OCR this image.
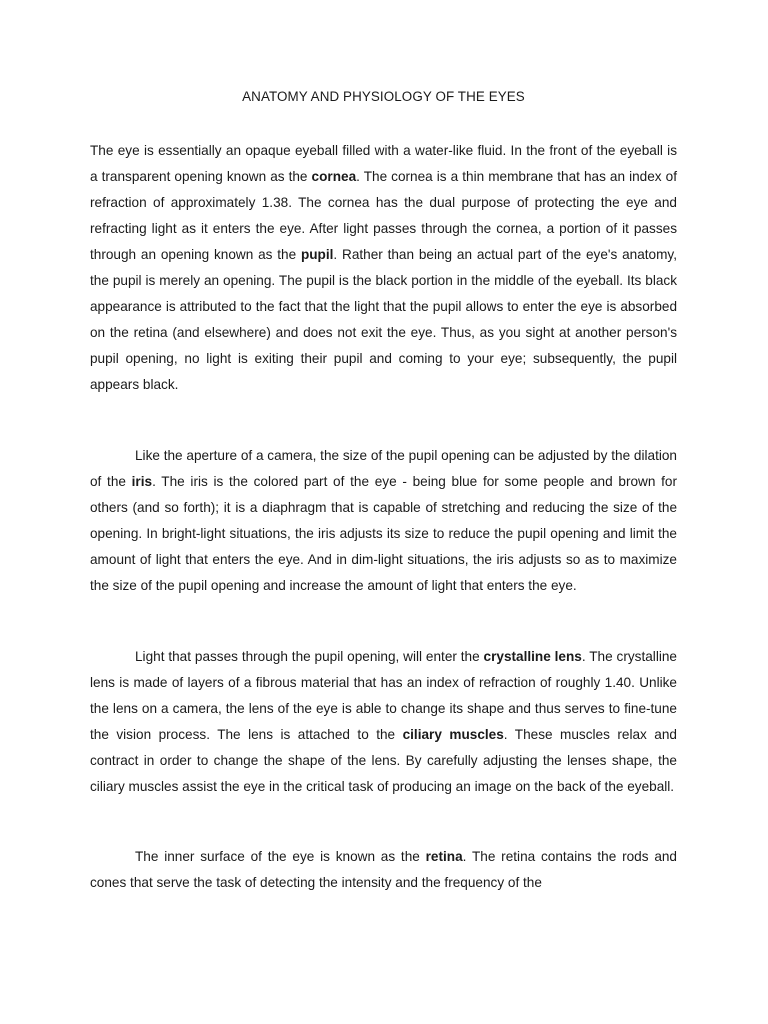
ANATOMY AND PHYSIOLOGY OF THE EYES

The eye is essentially an opaque eyeball filled with a water-like fluid. In the front of the eyeball is a transparent opening known as the cornea. The cornea is a thin membrane that has an index of refraction of approximately 1.38. The cornea has the dual purpose of protecting the eye and refracting light as it enters the eye. After light passes through the cornea, a portion of it passes through an opening known as the pupil. Rather than being an actual part of the eye's anatomy, the pupil is merely an opening. The pupil is the black portion in the middle of the eyeball. Its black appearance is attributed to the fact that the light that the pupil allows to enter the eye is absorbed on the retina (and elsewhere) and does not exit the eye. Thus, as you sight at another person's pupil opening, no light is exiting their pupil and coming to your eye; subsequently, the pupil appears black.

Like the aperture of a camera, the size of the pupil opening can be adjusted by the dilation of the iris. The iris is the colored part of the eye - being blue for some people and brown for others (and so forth); it is a diaphragm that is capable of stretching and reducing the size of the opening. In bright-light situations, the iris adjusts its size to reduce the pupil opening and limit the amount of light that enters the eye. And in dim-light situations, the iris adjusts so as to maximize the size of the pupil opening and increase the amount of light that enters the eye.

Light that passes through the pupil opening, will enter the crystalline lens. The crystalline lens is made of layers of a fibrous material that has an index of refraction of roughly 1.40. Unlike the lens on a camera, the lens of the eye is able to change its shape and thus serves to fine-tune the vision process. The lens is attached to the ciliary muscles. These muscles relax and contract in order to change the shape of the lens. By carefully adjusting the lenses shape, the ciliary muscles assist the eye in the critical task of producing an image on the back of the eyeball.

The inner surface of the eye is known as the retina. The retina contains the rods and cones that serve the task of detecting the intensity and the frequency of the
